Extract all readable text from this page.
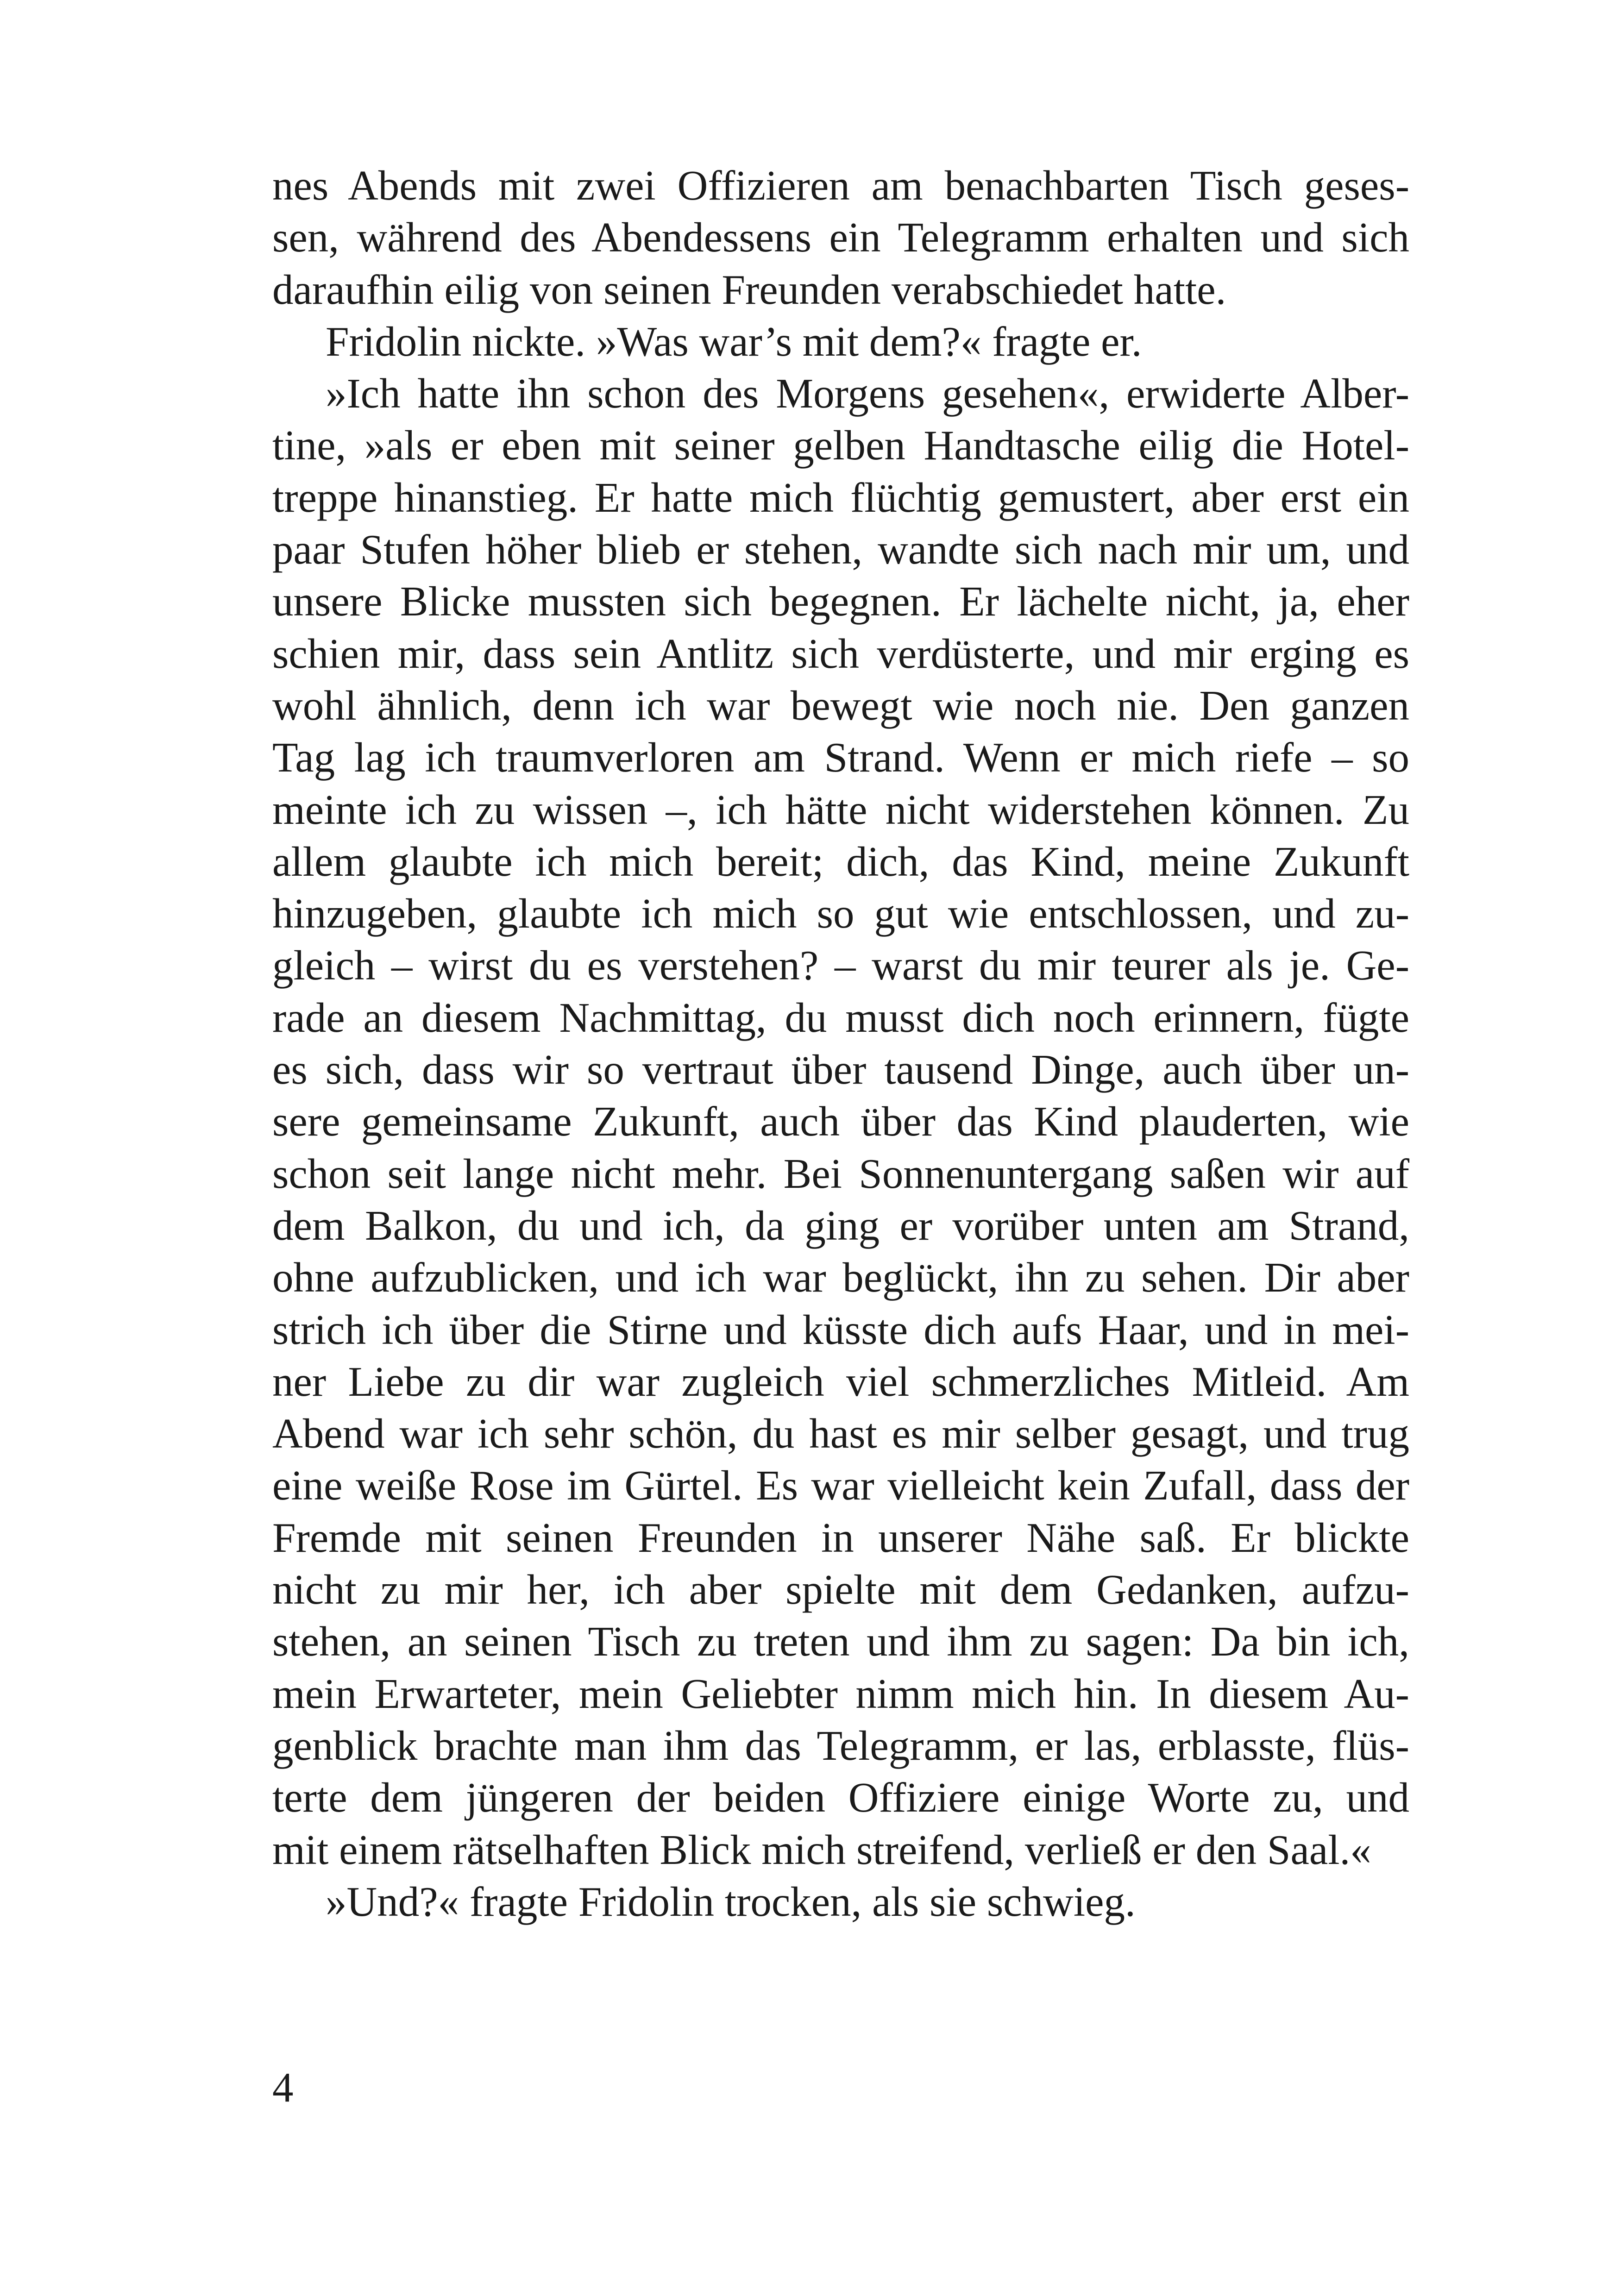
nes Abends mit zwei Offizieren am benachbarten Tisch geses-
sen, während des Abendessens ein Telegramm erhalten und sich
daraufhin eilig von seinen Freunden verabschiedet hatte.
Fridolin nickte. »Was war’s mit dem?« fragte er.
»Ich hatte ihn schon des Morgens gesehen«, erwiderte Alber-
tine, »als er eben mit seiner gelben Handtasche eilig die Hotel-
treppe hinanstieg. Er hatte mich flüchtig gemustert, aber erst ein
paar Stufen höher blieb er stehen, wandte sich nach mir um, und
unsere Blicke mussten sich begegnen. Er lächelte nicht, ja, eher
schien mir, dass sein Antlitz sich verdüsterte, und mir erging es
wohl ähnlich, denn ich war bewegt wie noch nie. Den ganzen
Tag lag ich traumverloren am Strand. Wenn er mich riefe – so
meinte ich zu wissen –, ich hätte nicht widerstehen können. Zu
allem glaubte ich mich bereit; dich, das Kind, meine Zukunft
hinzugeben, glaubte ich mich so gut wie entschlossen, und zu-
gleich – wirst du es verstehen? – warst du mir teurer als je. Ge-
rade an diesem Nachmittag, du musst dich noch erinnern, fügte
es sich, dass wir so vertraut über tausend Dinge, auch über un-
sere gemeinsame Zukunft, auch über das Kind plauderten, wie
schon seit lange nicht mehr. Bei Sonnenuntergang saßen wir auf
dem Balkon, du und ich, da ging er vorüber unten am Strand,
ohne aufzublicken, und ich war beglückt, ihn zu sehen. Dir aber
strich ich über die Stirne und küsste dich aufs Haar, und in mei-
ner Liebe zu dir war zugleich viel schmerzliches Mitleid. Am
Abend war ich sehr schön, du hast es mir selber gesagt, und trug
eine weiße Rose im Gürtel. Es war vielleicht kein Zufall, dass der
Fremde mit seinen Freunden in unserer Nähe saß. Er blickte
nicht zu mir her, ich aber spielte mit dem Gedanken, aufzu-
stehen, an seinen Tisch zu treten und ihm zu sagen: Da bin ich,
mein Erwarteter, mein Geliebter nimm mich hin. In diesem Au-
genblick brachte man ihm das Telegramm, er las, erblasste, flüs-
terte dem jüngeren der beiden Offiziere einige Worte zu, und
mit einem rätselhaften Blick mich streifend, verließ er den Saal.«
»Und?« fragte Fridolin trocken, als sie schwieg.
4
